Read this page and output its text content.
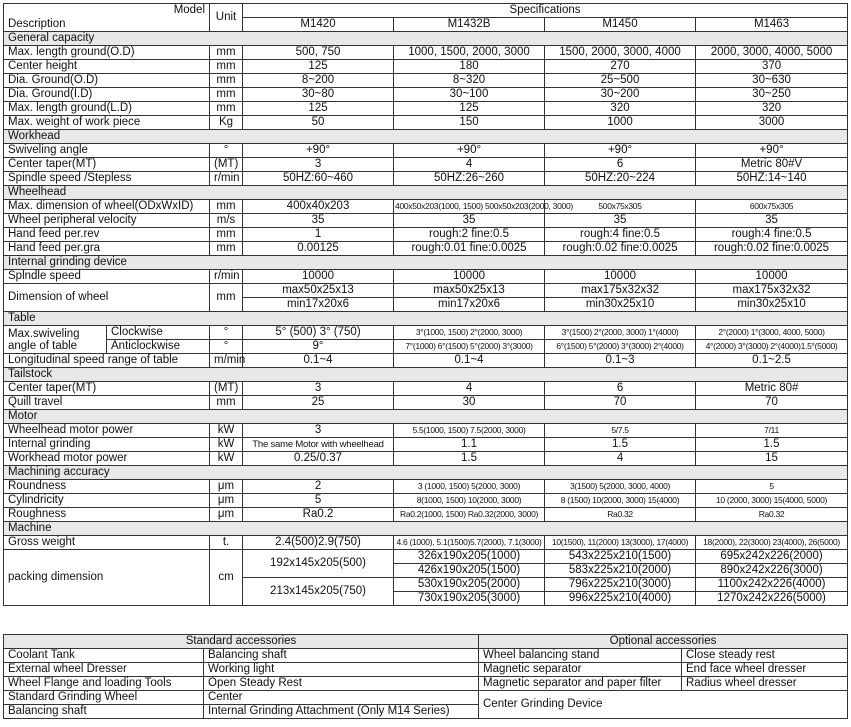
Model		Unit	Specifications			
Description			M1420	M1432B	M1450	M1463
General capacity						
Max. length ground(O.D)		mm	500, 750	1000, 1500, 2000, 3000	1500, 2000, 3000, 4000	2000, 3000, 4000, 5000
Center height		mm	125	180	270	370
Dia. Ground(O.D)		mm	8~200	8~320	25~500	30~630
Dia. Ground(I.D)		mm	30~80	30~100	30~200	30~250
Max. length ground(L.D)		mm	125	125	320	320
Max. weight of work piece		Kg	50	150	1000	3000
Workhead						
Swiveling angle		°	+90°	+90°	+90°	+90°
Center taper(MT)		(MT)	3	4	6	Metric 80#V
Spindle speed /Stepless		r/min	50HZ:60~460	50HZ:26~260	50HZ:20~224	50HZ:14~140
Wheelhead						
Max. dimension of wheel(ODxWxID)		mm	400x40x203	400x50x203(1000, 1500) 500x50x203(2000, 3000)	500x75x305	600x75x305
Wheel peripheral velocity		m/s	35	35	35	35
Hand feed per.rev		mm	1	rough:2 fine:0.5	rough:4 fine:0.5	rough:4 fine:0.5
Hand feed per.gra		mm	0.00125	rough:0.01 fine:0.0025	rough:0.02 fine:0.0025	rough:0.02 fine:0.0025
Internal grinding device						
Splndle speed		r/min	10000	10000	10000	10000
Dimension of wheel		mm	max50x25x13	max50x25x13	max175x32x32	max175x32x32
			min17x20x6	min17x20x6	min30x25x10	min30x25x10
Table						
Max.swiveling angle of table	Clockwise	°	5° (500) 3° (750)	3°(1000, 1500) 2°(2000, 3000)	3°(1500) 2°(2000, 3000) 1°(4000)	2°(2000) 1°(3000, 4000, 5000)
	Anticlockwise	°	9°	7°(1000) 6°(1500) 5°(2000) 3°(3000)	6°(1500) 5°(2000) 3°(3000) 2°(4000)	4°(2000) 3°(3000) 2°(4000)1.5°(5000)
Longitudinal speed range of table		m/min	0.1~4	0.1~4	0.1~3	0.1~2.5
Tailstock						
Center taper(MT)		(MT)	3	4	6	Metric 80#
Quill travel		mm	25	30	70	70
Motor						
Wheelhead motor power		kW	3	5.5(1000, 1500) 7.5(2000, 3000)	5/7.5	7/11
Internal grinding		kW	The same Motor with wheelhead	1.1	1.5	1.5
Workhead motor power		kW	0.25/0.37	1.5	4	15
Machining accuracy						
Roundness		μm	2	3 (1000, 1500) 5(2000, 3000)	3(1500) 5(2000, 3000, 4000)	5
Cylindricity		μm	5	8(1000, 1500) 10(2000, 3000)	8 (1500) 10(2000, 3000) 15(4000)	10 (2000, 3000) 15(4000, 5000)
Roughness		μm	Ra0.2	Ra0.2(1000, 1500) Ra0.32(2000, 3000)	Ra0.32	Ra0.32
Machine						
Gross weight		t.	2.4(500)2.9(750)	4.6 (1000), 5.1(1500)5.7(2000), 7.1(3000)	10(1500), 11(2000) 13(3000), 17(4000)	18(2000), 22(3000) 23(4000), 26(5000)
packing dimension		cm	192x145x205(500)	326x190x205(1000)	543x225x210(1500)	695x242x226(2000)
				426x190x205(1500)	583x225x210(2000)	890x242x226(3000)
			213x145x205(750)	530x190x205(2000)	796x225x210(3000)	1100x242x226(4000)
				730x190x205(3000)	996x225x210(4000)	1270x242x226(5000)
Standard accessories		Optional accessories	
Coolant Tank	Balancing shaft	Wheel balancing stand	Close steady rest
External wheel Dresser	Working light	Magnetic separator	End face wheel dresser
Wheel Flange and loading Tools	Open Steady Rest	Magnetic separator and paper filter	Radius wheel dresser
Standard Grinding Wheel	Center	Center Grinding Device	
Balancing shaft	Internal Grinding Attachment (Only M14 Series)		
